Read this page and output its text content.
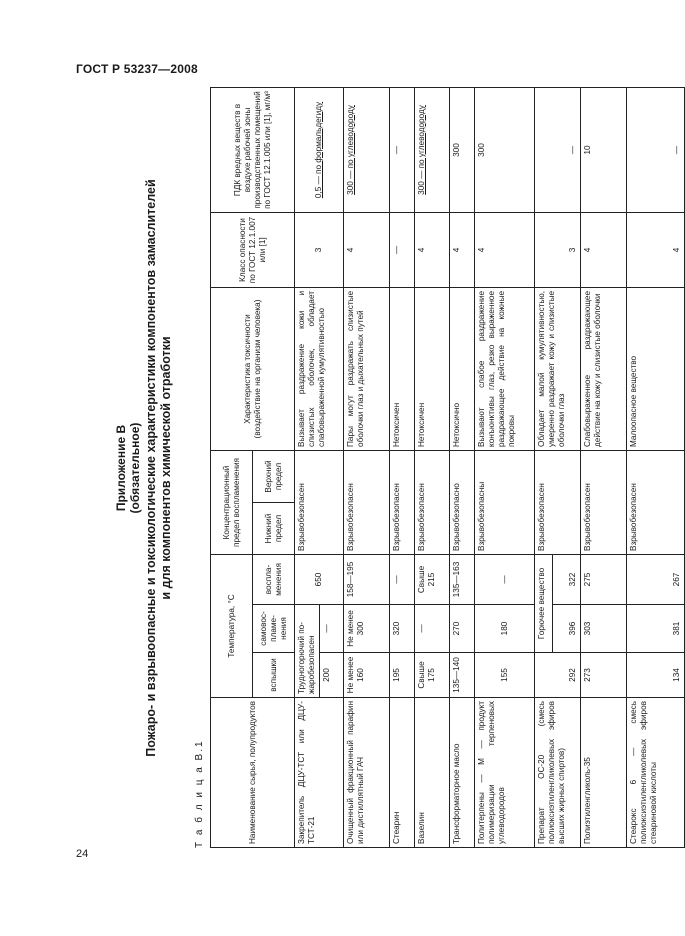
ГОСТ Р 53237—2008
Приложение В (обязательное) Пожаро- и взрывоопасные и токсикологические характеристики компонентов замаслителей и для компонентов химической отработки
Т а б л и ц а В.1	Наименование сырья, полупродуктов	Температура, °С			Концентрационный предел воспламенения		Характеристика токсичности (воздействие на организм человека)	Класс опасности по ГОСТ 12.1.007 или [1]	ПДК вредных веществ в воздухе рабочей зоны производственных помещений по ГОСТ 12.1.005 или [1], мг/м³
	вспышки	самовос-пламе-нения	воспла-менения	Нижний предел	Верхний предел			
Закрепитель ДЦУ-ТСТ или ДЦУ-ТСТ-21	Трудногорючий по-жаробезопасен		650	Взрывобезопасен		Вызывает раздражение кожи и слизистых оболочек, обладает слабовыраженной кумулятивностью	3	0,5 — по формальдегиду
	200	—						
Очищенный фракционный парафин или дистиллятный ГАЧ	Не менее 160	Не менее 300	158—195	Взрывобезопасен		Пары могут раздражать слизистые оболочки глаз и дыхательных путей	4	300 — по углеводороду
Стеарин	195	320	—	Взрывобезопасен		Нетоксичен	—	—
Вазелин	Свыше 175	—	Свыше 215	Взрывобезопасен		Нетоксичен	4	300 — по углеводороду
Трансформаторное масло	135—140	270	135—163	Взрывобезопасно		Нетоксично	4	300
Политерпены — М — продукт полимеризации терпеновых углеводородов	155	180	—	Взрывобезопасны		Вызывают слабое раздражение конъюнктивы глаз, резко выраженное раздражающее действие на кожные покровы	4	300
Препарат ОС-20 (смесь полиоксиэтиленгликолевых эфиров высших жирных спиртов)		Горючее вещество		Взрывобезопасен		Обладает малой кумулятивностью, умеренно раздражает кожу и слизистые оболочки глаз	3	—
	292	396	322					
Полиэтиленгликоль-35	273	303	275	Взрывобезопасен		Слабовыраженное раздражающее действие на кожу и слизистые оболочки	4	10
Стеарокс 6 — смесь полиоксиэтиленгликолевых эфиров стеариновой кислоты	134	381	267	Взрывобезопасен		Малоопасное вещество	4	—
24
